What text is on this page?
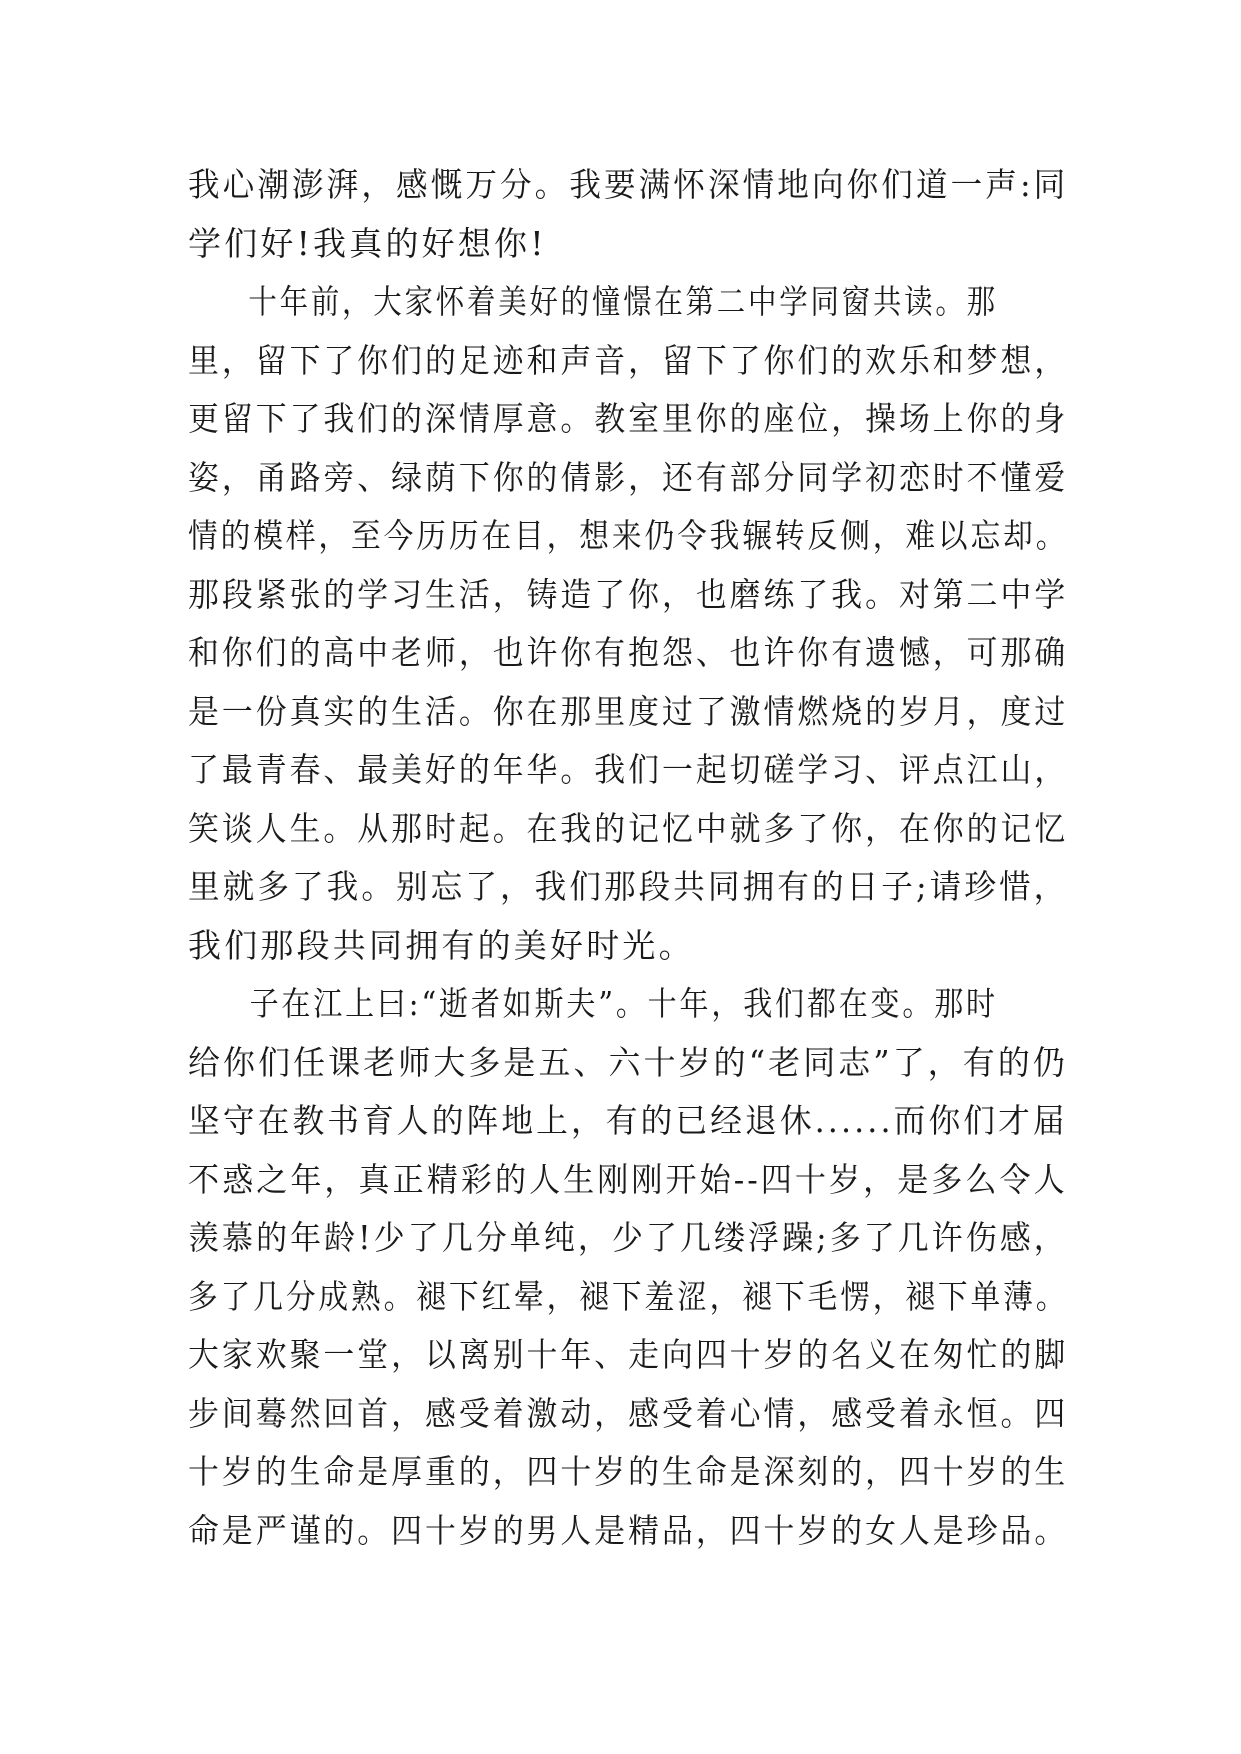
我心潮澎湃，感慨万分。我要满怀深情地向你们道一声:同
学们好!我真的好想你!
十年前，大家怀着美好的憧憬在第二中学同窗共读。那
里，留下了你们的足迹和声音，留下了你们的欢乐和梦想，
更留下了我们的深情厚意。教室里你的座位，操场上你的身
姿，甬路旁、绿荫下你的倩影，还有部分同学初恋时不懂爱
情的模样，至今历历在目，想来仍令我辗转反侧，难以忘却。
那段紧张的学习生活，铸造了你，也磨练了我。对第二中学
和你们的高中老师，也许你有抱怨、也许你有遗憾，可那确
是一份真实的生活。你在那里度过了激情燃烧的岁月，度过
了最青春、最美好的年华。我们一起切磋学习、评点江山，
笑谈人生。从那时起。在我的记忆中就多了你，在你的记忆
里就多了我。别忘了，我们那段共同拥有的日子;请珍惜，
我们那段共同拥有的美好时光。
子在江上曰:“逝者如斯夫”。十年，我们都在变。那时
给你们任课老师大多是五、六十岁的“老同志”了，有的仍
坚守在教书育人的阵地上，有的已经退休......而你们才届
不惑之年，真正精彩的人生刚刚开始--四十岁，是多么令人
羡慕的年龄!少了几分单纯，少了几缕浮躁;多了几许伤感，
多了几分成熟。褪下红晕，褪下羞涩，褪下毛愣，褪下单薄。
大家欢聚一堂，以离别十年、走向四十岁的名义在匆忙的脚
步间蓦然回首，感受着激动，感受着心情，感受着永恒。四
十岁的生命是厚重的，四十岁的生命是深刻的，四十岁的生
命是严谨的。四十岁的男人是精品，四十岁的女人是珍品。
